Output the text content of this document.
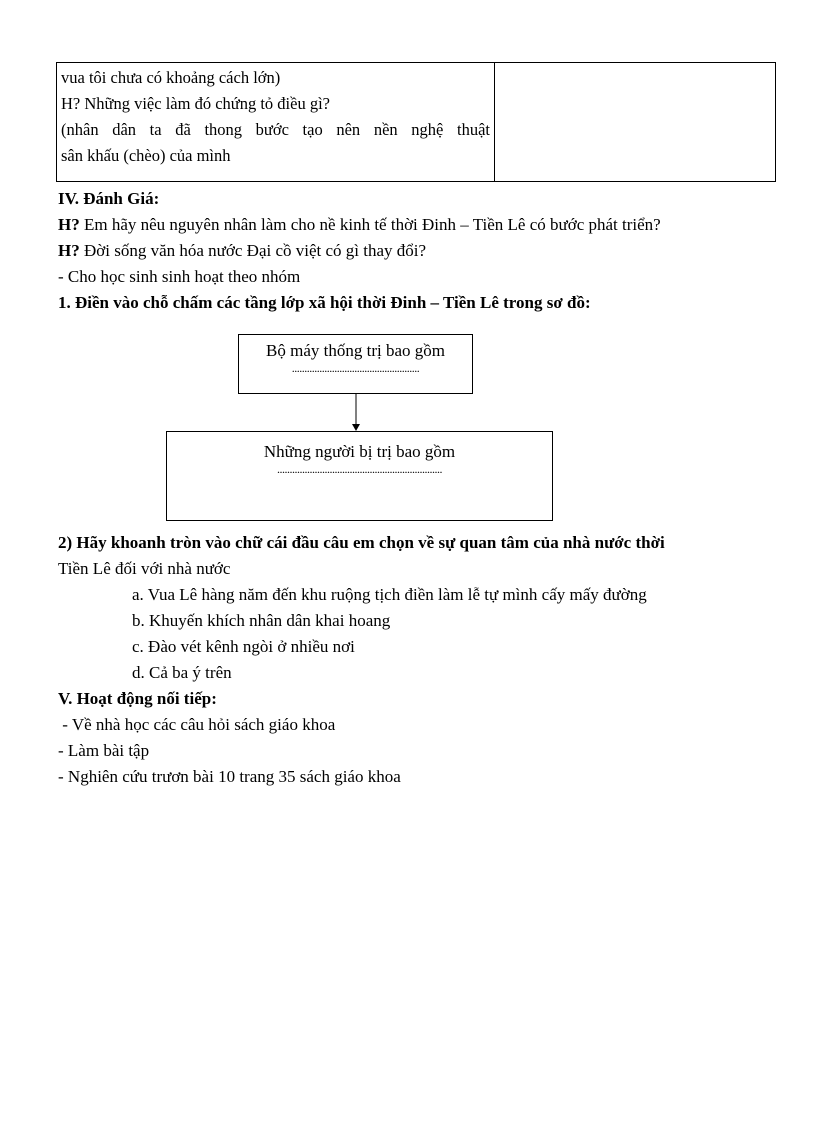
vua tôi chưa có khoảng cách lớn)
H? Những việc làm đó chứng tỏ điều gì?
(nhân dân ta đã thong bước tạo nên nền nghệ thuật
sân khấu (chèo) của mình
IV. Đánh Giá:
H? Em hãy nêu nguyên nhân làm cho nề kinh tế thời Đinh – Tiền Lê có bước phát triển?
H? Đời sống văn hóa nước Đại cồ việt có gì thay đổi?
- Cho học sinh sinh hoạt theo nhóm
1. Điền vào chỗ chấm các tầng lớp xã hội thời Đinh – Tiền Lê trong sơ đồ:
Bộ máy thống trị bao gồm
...................................................
Những người bị trị bao gồm
..................................................................
2) Hãy khoanh tròn vào chữ cái đầu câu em chọn về sự quan tâm của nhà nước thời
Tiền Lê đối với nhà nước
a. Vua Lê hàng năm đến khu ruộng tịch điền làm lễ tự mình cấy mấy đường
b. Khuyến khích nhân dân khai hoang
c. Đào vét kênh ngòi ở nhiều nơi
d. Cả ba ý trên
V. Hoạt động nối tiếp:
- Về nhà học các câu hỏi sách giáo khoa
- Làm bài tập
- Nghiên cứu trươn bài 10 trang 35 sách giáo khoa
